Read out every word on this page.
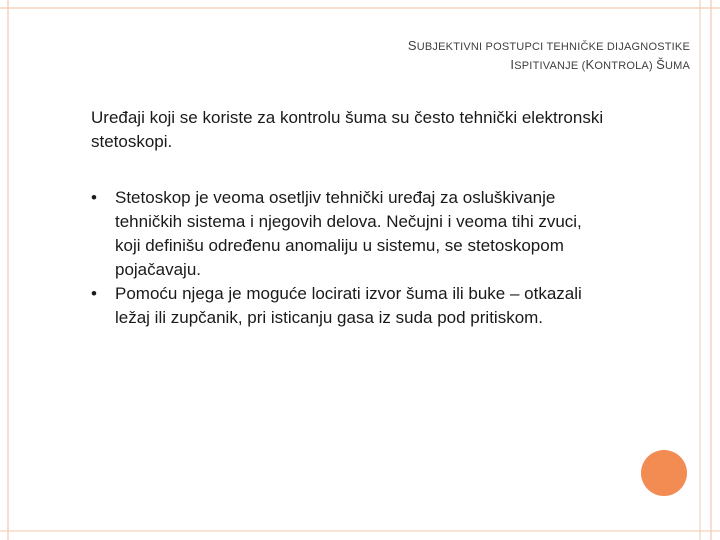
SUBJEKTIVNI POSTUPCI TEHNIČKE DIJAGNOSTIKE
ISPITIVANJE (KONTROLA) ŠUMA

Uređaji koji se koriste za kontrolu šuma su često tehnički elektronski stetoskopi.

•	Stetoskop je veoma osetljiv tehnički uređaj za osluškivanje tehničkih sistema i njegovih delova. Nečujni i veoma tihi zvuci, koji definišu određenu anomaliju u sistemu, se stetoskopom pojačavaju.
•	Pomoću njega je moguće locirati izvor šuma ili buke – otkazali ležaj ili zupčanik, pri isticanju gasa iz suda pod pritiskom.
